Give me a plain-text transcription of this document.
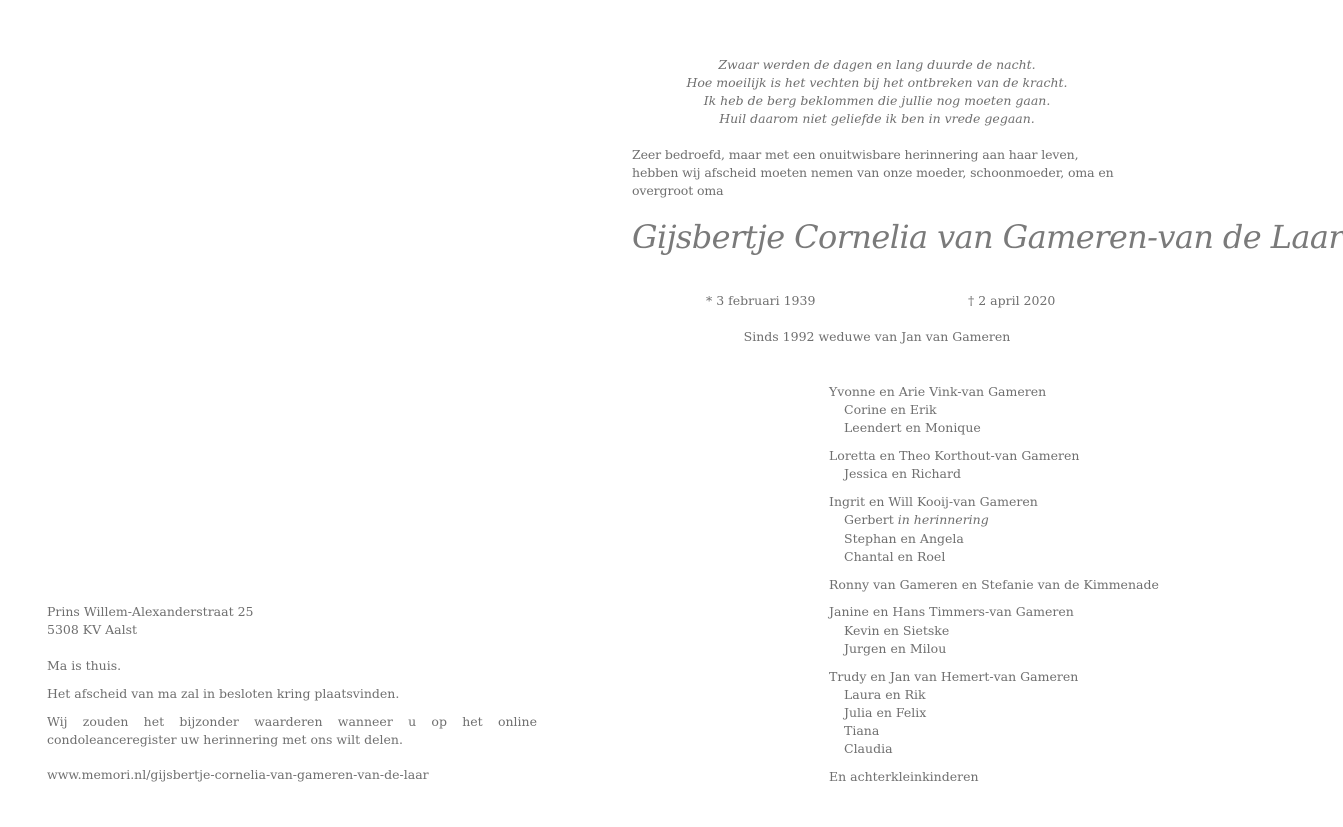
Zwaar werden de dagen en lang duurde de nacht.
Hoe moeilijk is het vechten bij het ontbreken van de kracht.
Ik heb de berg beklommen die jullie nog moeten gaan.
Huil daarom niet geliefde ik ben in vrede gegaan.
Zeer bedroefd, maar met een onuitwisbare herinnering aan haar leven, hebben wij afscheid moeten nemen van onze moeder, schoonmoeder, oma en overgroot oma
Gijsbertje Cornelia van Gameren-van de Laar
* 3 februari 1939	† 2 april 2020
Sinds 1992 weduwe van Jan van Gameren
Yvonne en Arie Vink-van Gameren
Corine en Erik
Leendert en Monique
Loretta en Theo Korthout-van Gameren
Jessica en Richard
Ingrit en Will Kooij-van Gameren
Gerbert in herinnering
Stephan en Angela
Chantal en Roel
Ronny van Gameren en Stefanie van de Kimmenade
Janine en Hans Timmers-van Gameren
Kevin en Sietske
Jurgen en Milou
Trudy en Jan van Hemert-van Gameren
Laura en Rik
Julia en Felix
Tiana
Claudia
En achterkleinkinderen
Prins Willem-Alexanderstraat 25
5308 KV Aalst

Ma is thuis.

Het afscheid van ma zal in besloten kring plaatsvinden.

Wij zouden het bijzonder waarderen wanneer u op het online condoleanceregister uw herinnering met ons wilt delen.

www.memori.nl/gijsbertje-cornelia-van-gameren-van-de-laar
